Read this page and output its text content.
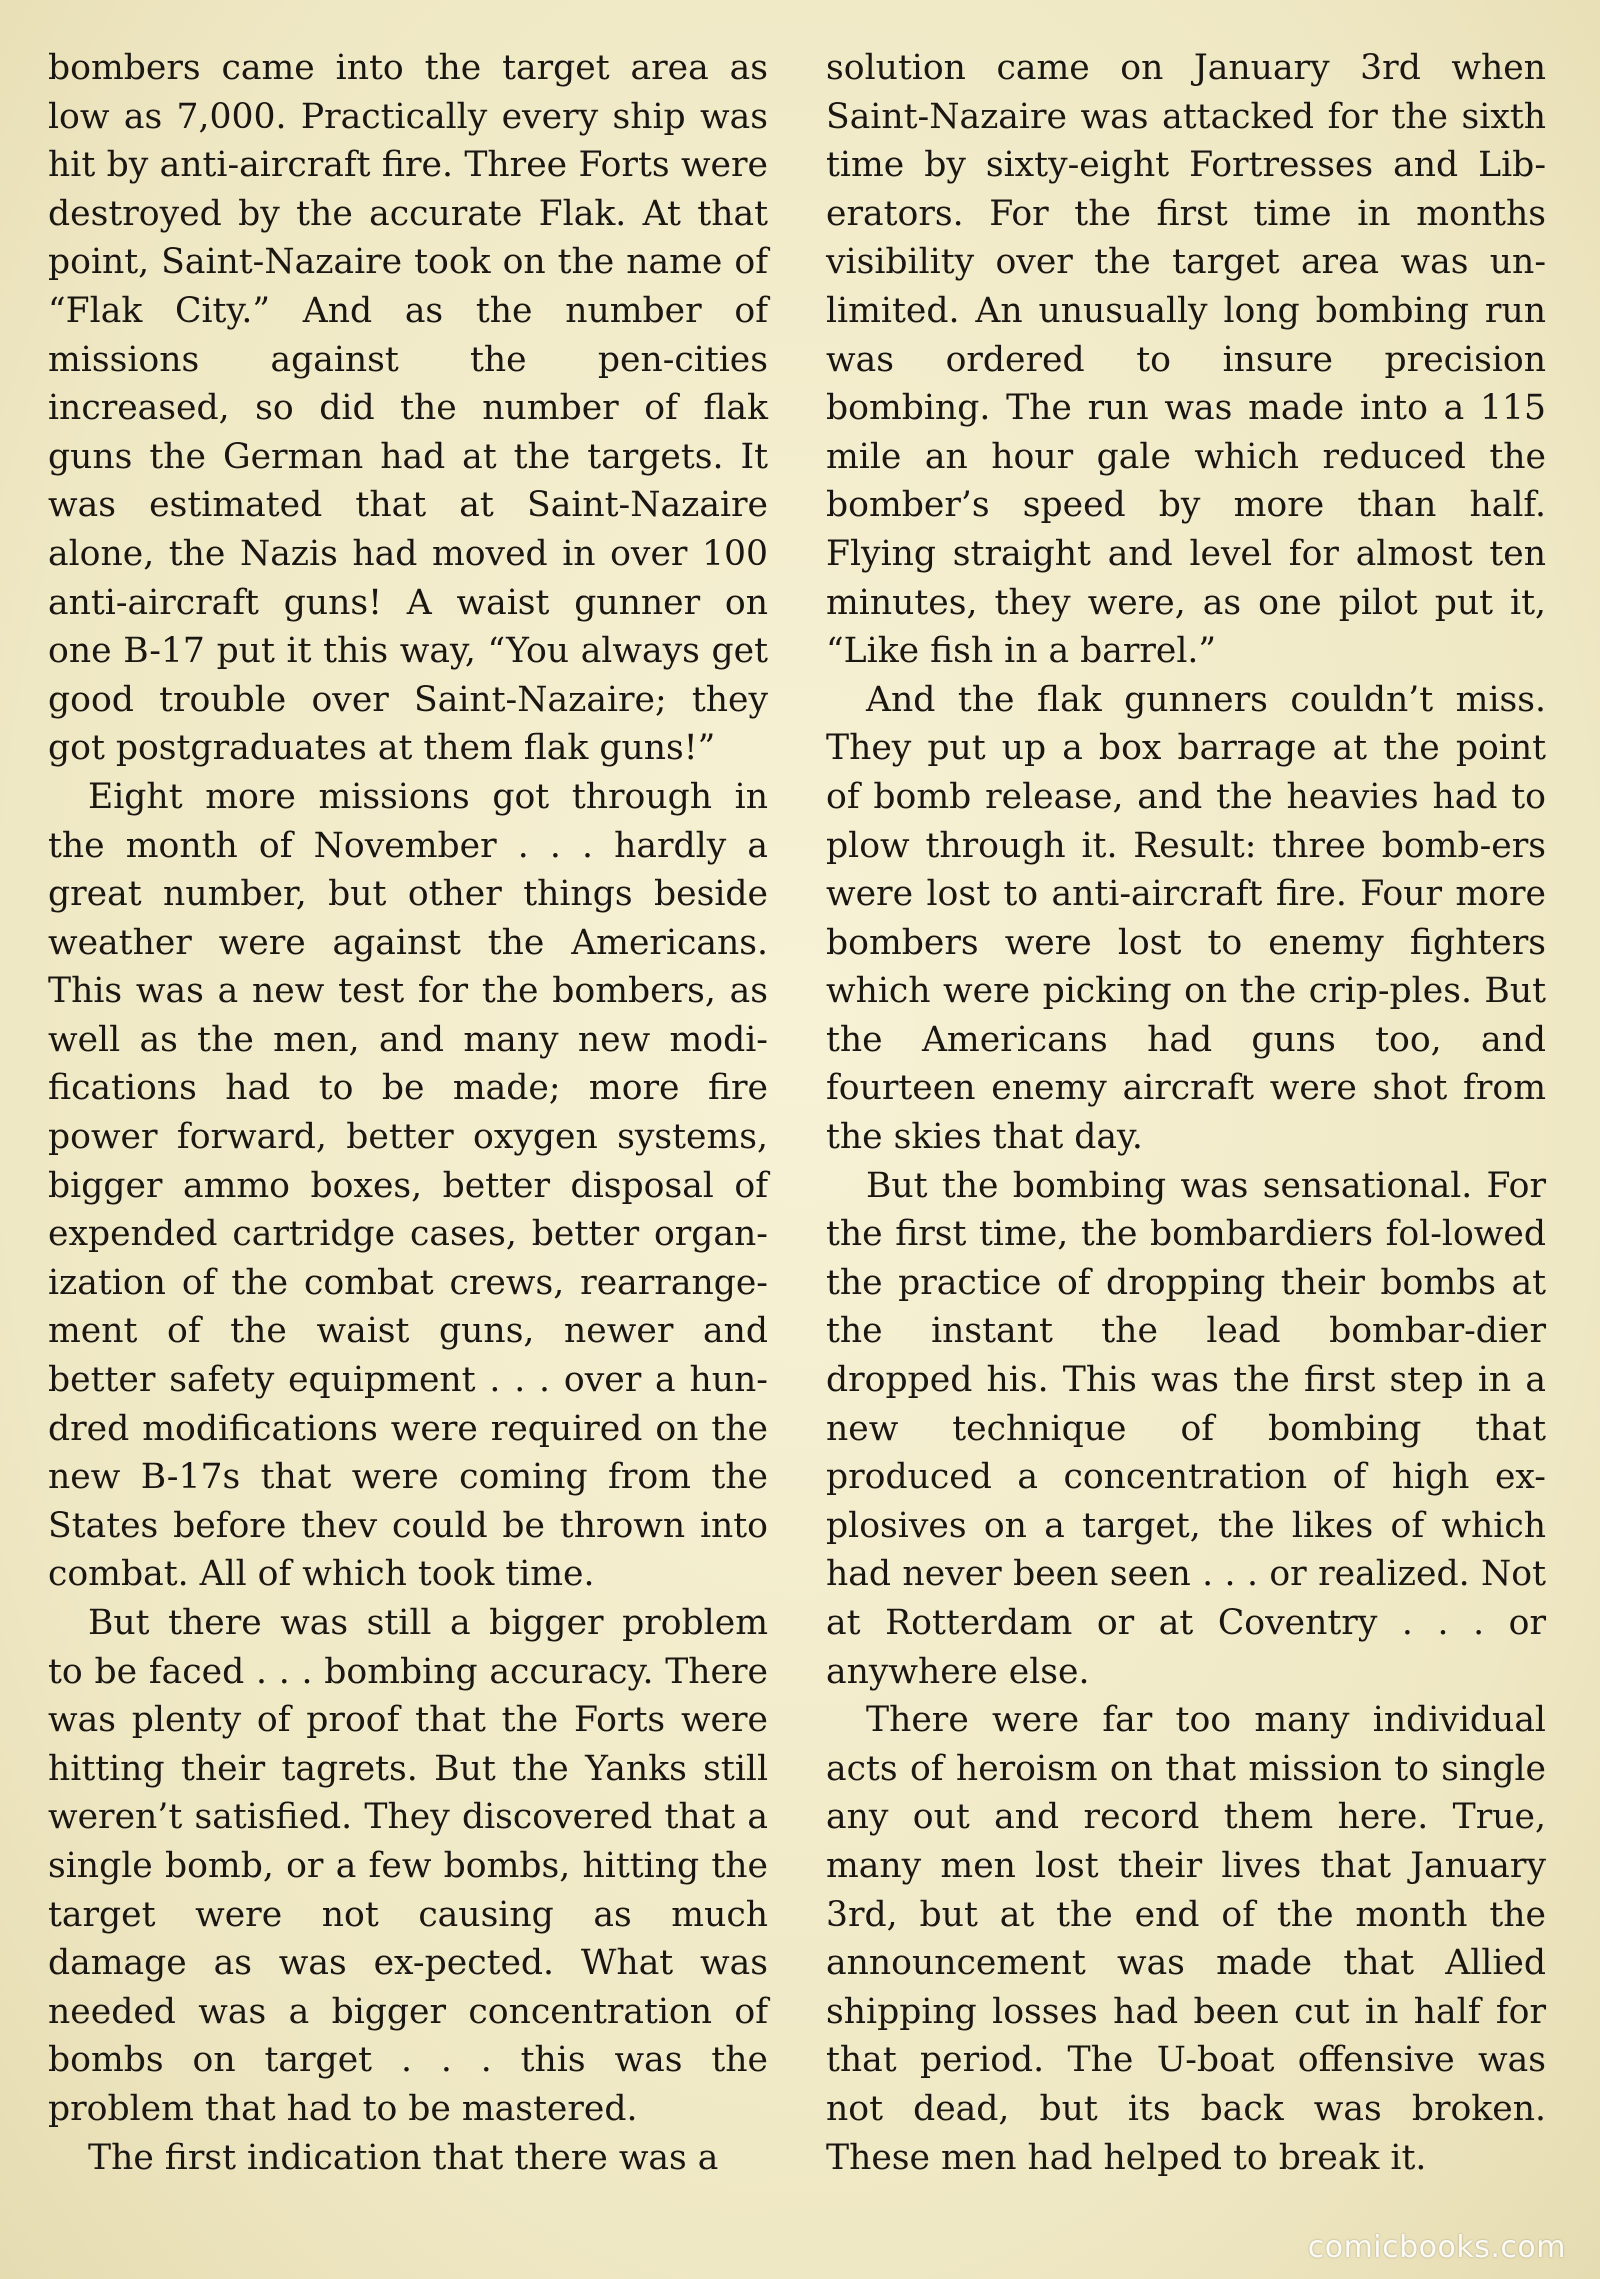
bombers came into the target area as low as 7,000. Practically every ship was hit by anti-aircraft fire. Three Forts were destroyed by the accurate Flak. At that point, Saint-Nazaire took on the name of “Flak City.” And as the number of missions against the pen-cities increased, so did the number of flak guns the German had at the targets. It was estimated that at Saint-Nazaire alone, the Nazis had moved in over 100 anti-aircraft guns! A waist gunner on one B-17 put it this way, “You always get good trouble over Saint-Nazaire; they got postgraduates at them flak guns!”

Eight more missions got through in the month of November . . . hardly a great number, but other things beside weather were against the Americans. This was a new test for the bombers, as well as the men, and many new modi-fications had to be made; more fire power forward, better oxygen systems, bigger ammo boxes, better disposal of expended cartridge cases, better organ-ization of the combat crews, rearrange-ment of the waist guns, newer and better safety equipment . . . over a hun-dred modifications were required on the new B-17s that were coming from the States before thev could be thrown into combat. All of which took time.

But there was still a bigger problem to be faced . . . bombing accuracy. There was plenty of proof that the Forts were hitting their tagrets. But the Yanks still weren’t satisfied. They discovered that a single bomb, or a few bombs, hitting the target were not causing as much damage as was ex-pected. What was needed was a bigger concentration of bombs on target . . . this was the problem that had to be mastered.

The first indication that there was a

solution came on January 3rd when Saint-Nazaire was attacked for the sixth time by sixty-eight Fortresses and Lib-erators. For the first time in months visibility over the target area was un-limited. An unusually long bombing run was ordered to insure precision bombing. The run was made into a 115 mile an hour gale which reduced the bomber’s speed by more than half. Flying straight and level for almost ten minutes, they were, as one pilot put it, “Like fish in a barrel.”

And the flak gunners couldn’t miss. They put up a box barrage at the point of bomb release, and the heavies had to plow through it. Result: three bomb-ers were lost to anti-aircraft fire. Four more bombers were lost to enemy fighters which were picking on the crip-ples. But the Americans had guns too, and fourteen enemy aircraft were shot from the skies that day.

But the bombing was sensational. For the first time, the bombardiers fol-lowed the practice of dropping their bombs at the instant the lead bombar-dier dropped his. This was the first step in a new technique of bombing that produced a concentration of high ex-plosives on a target, the likes of which had never been seen . . . or realized. Not at Rotterdam or at Coventry . . . or anywhere else.

There were far too many individual acts of heroism on that mission to single any out and record them here. True, many men lost their lives that January 3rd, but at the end of the month the announcement was made that Allied shipping losses had been cut in half for that period. The U-boat offensive was not dead, but its back was broken. These men had helped to break it.

comicbooks.com
